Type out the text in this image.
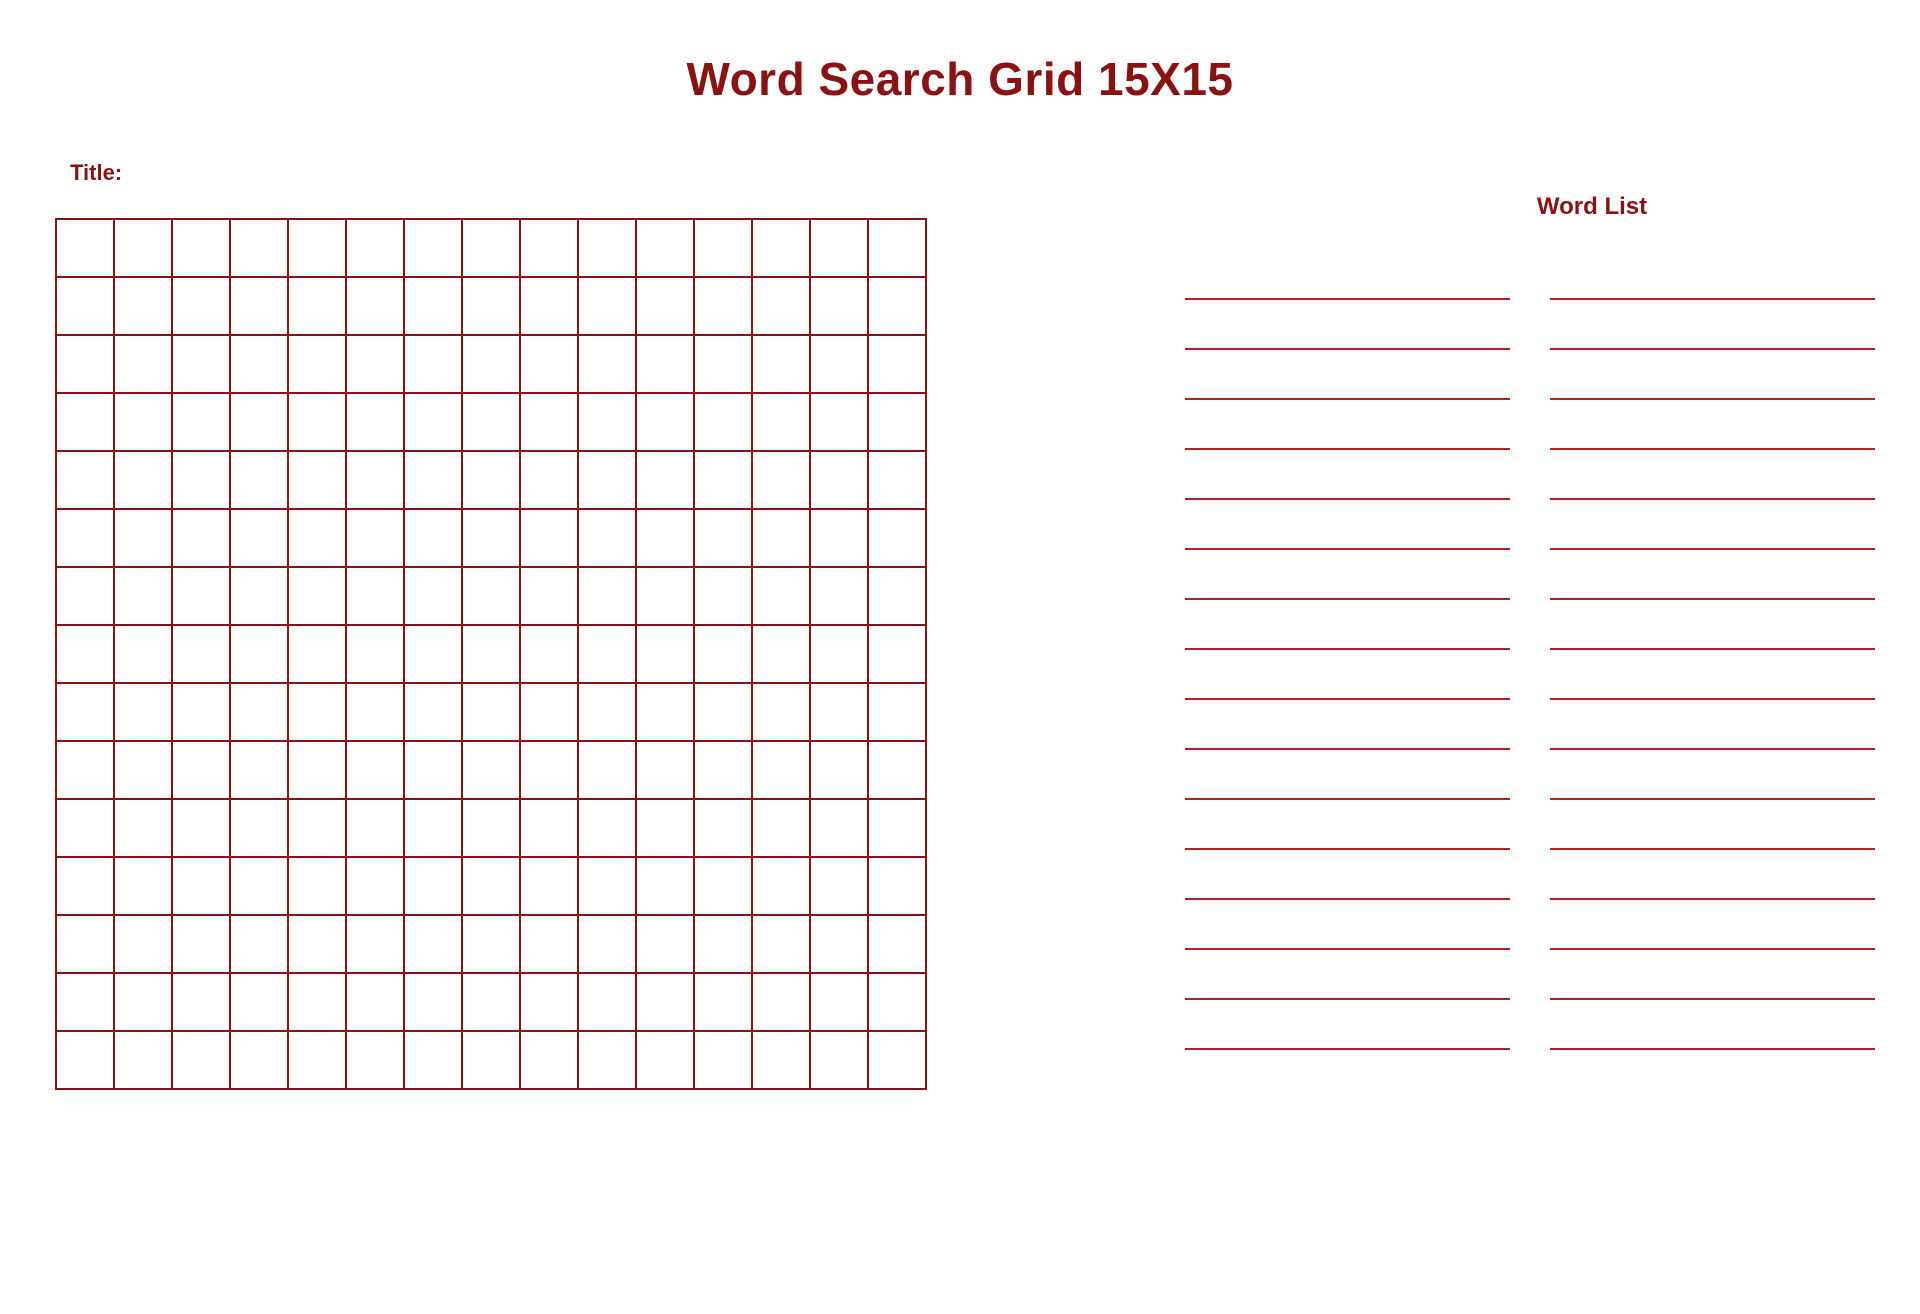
Word Search Grid 15X15
Title:

Word List
